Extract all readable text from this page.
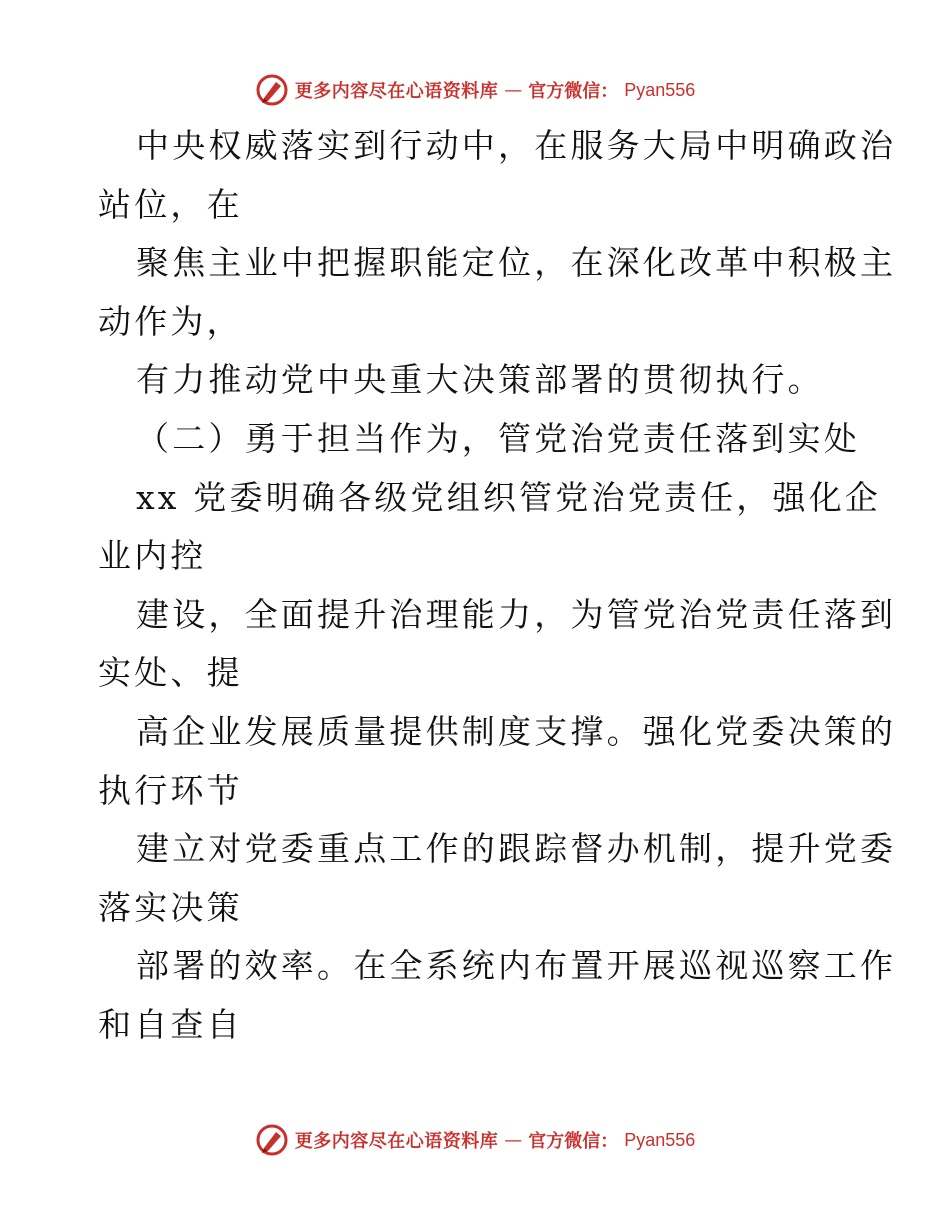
更多内容尽在心语资料库 — 官方微信： Pyan556
中央权威落实到行动中，在服务大局中明确政治
站位，在
聚焦主业中把握职能定位，在深化改革中积极主
动作为，
有力推动党中央重大决策部署的贯彻执行。
（二）勇于担当作为，管党治党责任落到实处
xx 党委明确各级党组织管党治党责任，强化企
业内控
建设，全面提升治理能力，为管党治党责任落到
实处、提
高企业发展质量提供制度支撑。强化党委决策的
执行环节
建立对党委重点工作的跟踪督办机制，提升党委
落实决策
部署的效率。在全系统内布置开展巡视巡察工作
和自查自
更多内容尽在心语资料库 — 官方微信： Pyan556
